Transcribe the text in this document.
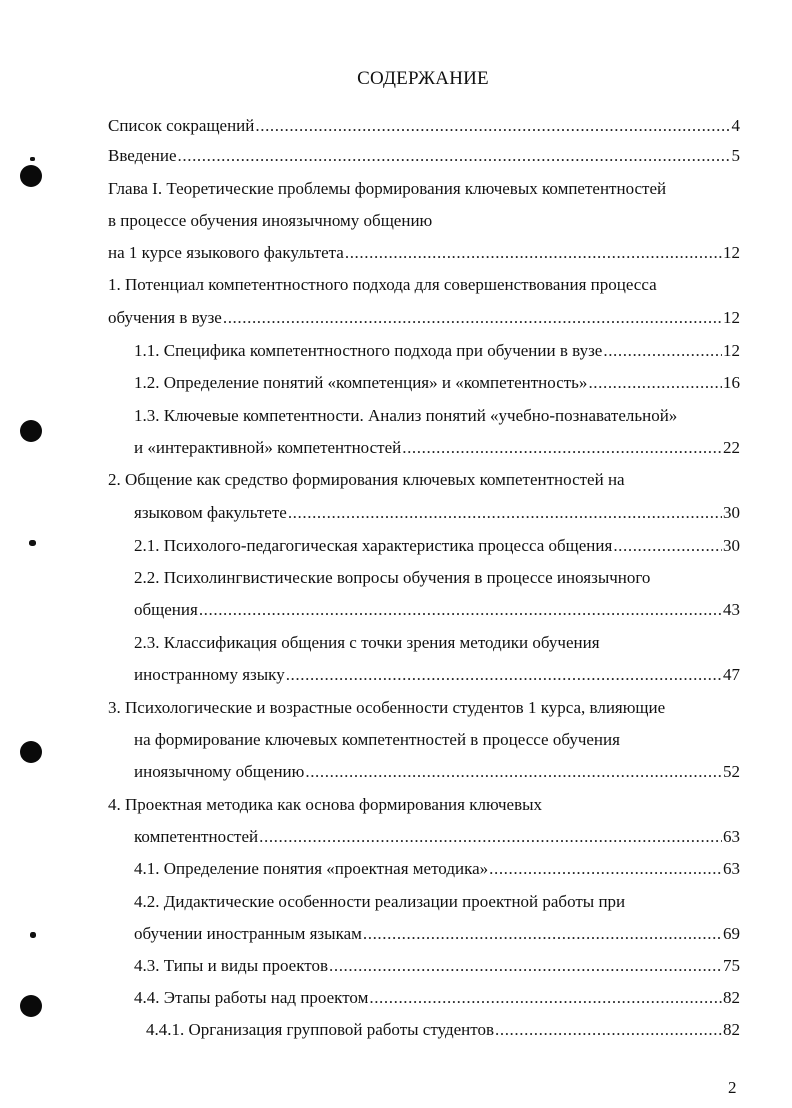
СОДЕРЖАНИЕ
Список сокращений .....	4
Введение .....	5
Глава I. Теоретические проблемы формирования ключевых компетентностей
в процессе обучения иноязычному общению
на 1 курсе языкового факультета .....	12
1. Потенциал компетентностного подхода для совершенствования процесса
обучения в вузе .....	12
1.1. Специфика компетентностного подхода при обучении в вузе .....	12
1.2. Определение понятий «компетенция» и «компетентность» .....	16
1.3. Ключевые компетентности. Анализ понятий «учебно-познавательной»
и «интерактивной» компетентностей .....	22
2. Общение как средство формирования ключевых компетентностей на
языковом факультете .....	30
2.1. Психолого-педагогическая характеристика процесса общения .....	30
2.2. Психолингвистические вопросы обучения в процессе иноязычного
общения .....	43
2.3. Классификация общения с точки зрения методики обучения
иностранному языку .....	47
3. Психологические и возрастные особенности студентов 1 курса, влияющие
на формирование ключевых компетентностей в процессе обучения
иноязычному общению .....	52
4. Проектная методика как основа формирования ключевых
компетентностей .....	63
4.1. Определение понятия «проектная методика» .....	63
4.2. Дидактические особенности реализации проектной работы при
обучении иностранным языкам .....	69
4.3. Типы и виды проектов .....	75
4.4. Этапы работы над проектом .....	82
4.4.1. Организация групповой работы студентов .....	82
2
